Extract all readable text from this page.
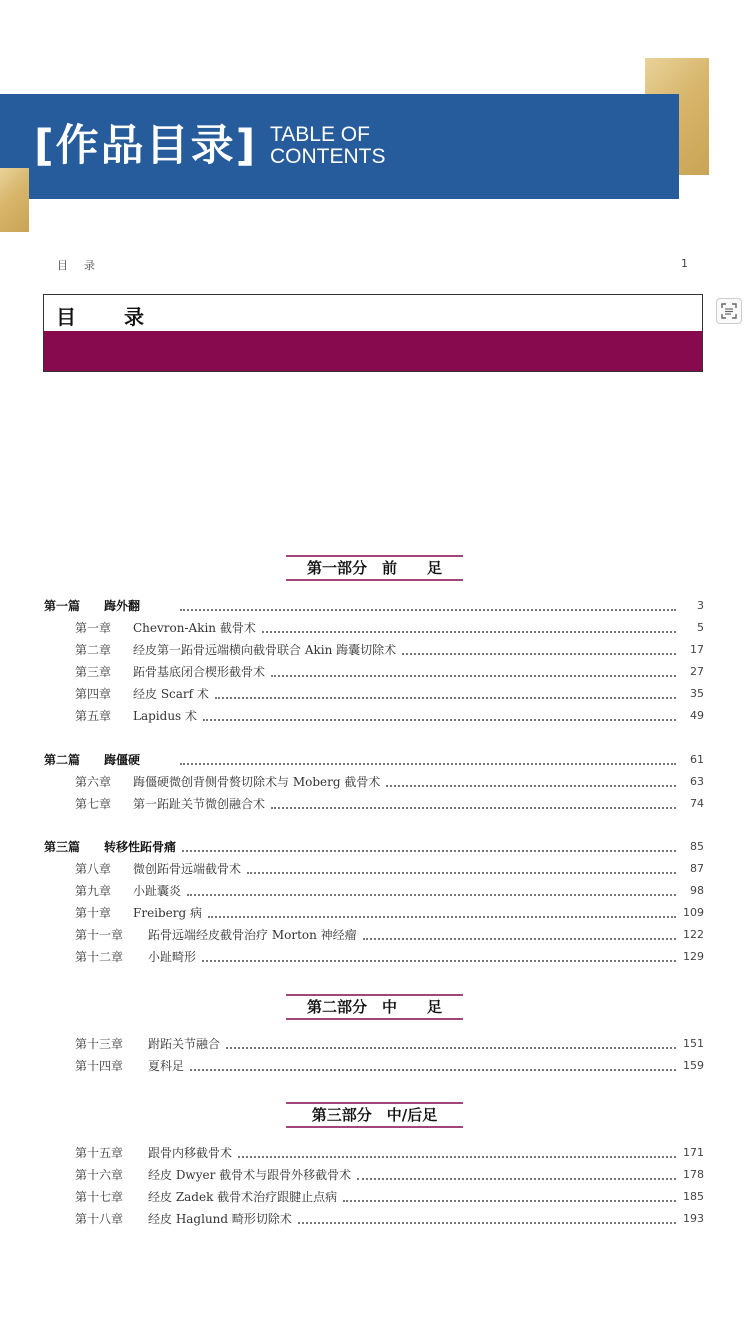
[作品目录] TABLE OF
CONTENTS
目录	1
目录
第一部分　前　　足
第二部分　中　　足
第三部分　中/后足
第一篇 踇外翻	3
第一章 Chevron-Akin 截骨术	5
第二章 经皮第一跖骨远端横向截骨联合 Akin 踇囊切除术	17
第三章 跖骨基底闭合楔形截骨术	27
第四章 经皮 Scarf 术	35
第五章 Lapidus 术	49
第二篇 踇僵硬	61
第六章 踇僵硬微创背侧骨赘切除术与 Moberg 截骨术	63
第七章 第一跖趾关节微创融合术	74
第三篇 转移性跖骨痛	85
第八章 微创跖骨远端截骨术	87
第九章 小趾囊炎	98
第十章 Freiberg 病	109
第十一章 跖骨远端经皮截骨治疗 Morton 神经瘤	122
第十二章 小趾畸形	129
第十三章 跗跖关节融合	151
第十四章 夏科足	159
第十五章 跟骨内移截骨术	171
第十六章 经皮 Dwyer 截骨术与跟骨外移截骨术	178
第十七章 经皮 Zadek 截骨术治疗跟腱止点病	185
第十八章 经皮 Haglund 畸形切除术	193
